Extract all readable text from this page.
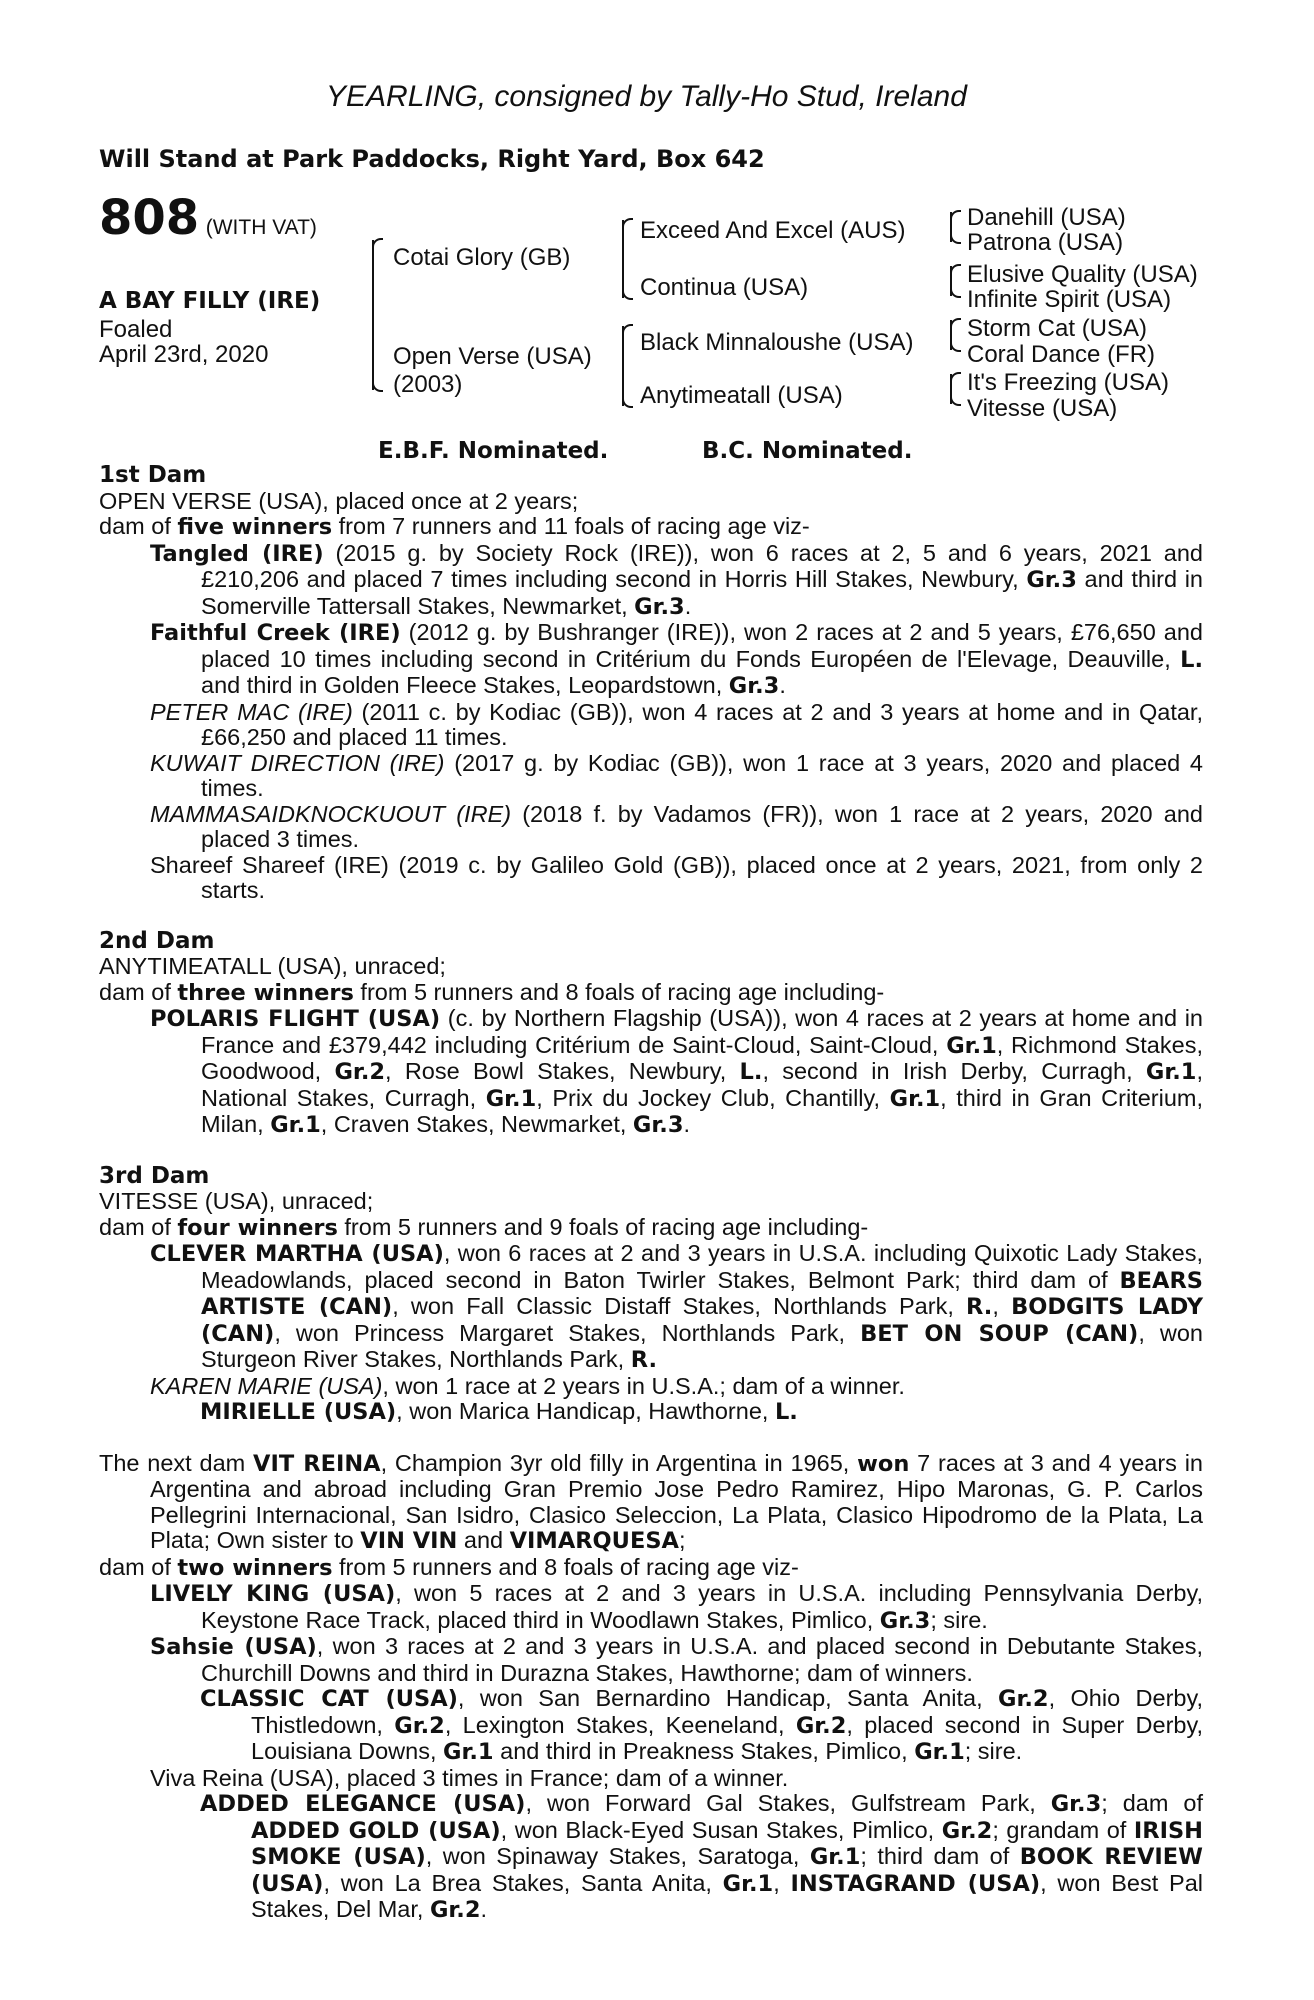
YEARLING, consigned by Tally-Ho Stud, Ireland
Will Stand at Park Paddocks, Right Yard, Box 642
808 (WITH VAT)
A BAY FILLY (IRE)
Foaled
April 23rd, 2020
Cotai Glory (GB)
Open Verse (USA)
(2003)
Exceed And Excel (AUS)
Continua (USA)
Black Minnaloushe (USA)
Anytimeatall (USA)
Danehill (USA)
Patrona (USA)
Elusive Quality (USA)
Infinite Spirit (USA)
Storm Cat (USA)
Coral Dance (FR)
It's Freezing (USA)
Vitesse (USA)
E.B.F. Nominated.	B.C. Nominated.
1st Dam
OPEN VERSE (USA), placed once at 2 years;
dam of five winners from 7 runners and 11 foals of racing age viz-
Tangled (IRE) (2015 g. by Society Rock (IRE)), won 6 races at 2, 5 and 6 years, 2021 and £210,206 and placed 7 times including second in Horris Hill Stakes, Newbury, Gr.3 and third in Somerville Tattersall Stakes, Newmarket, Gr.3.
Faithful Creek (IRE) (2012 g. by Bushranger (IRE)), won 2 races at 2 and 5 years, £76,650 and placed 10 times including second in Critérium du Fonds Européen de l'Elevage, Deauville, L. and third in Golden Fleece Stakes, Leopardstown, Gr.3.
PETER MAC (IRE) (2011 c. by Kodiac (GB)), won 4 races at 2 and 3 years at home and in Qatar, £66,250 and placed 11 times.
KUWAIT DIRECTION (IRE) (2017 g. by Kodiac (GB)), won 1 race at 3 years, 2020 and placed 4 times.
MAMMASAIDKNOCKUOUT (IRE) (2018 f. by Vadamos (FR)), won 1 race at 2 years, 2020 and placed 3 times.
Shareef Shareef (IRE) (2019 c. by Galileo Gold (GB)), placed once at 2 years, 2021, from only 2 starts.
2nd Dam
ANYTIMEATALL (USA), unraced;
dam of three winners from 5 runners and 8 foals of racing age including-
POLARIS FLIGHT (USA) (c. by Northern Flagship (USA)), won 4 races at 2 years at home and in France and £379,442 including Critérium de Saint-Cloud, Saint-Cloud, Gr.1, Richmond Stakes, Goodwood, Gr.2, Rose Bowl Stakes, Newbury, L., second in Irish Derby, Curragh, Gr.1, National Stakes, Curragh, Gr.1, Prix du Jockey Club, Chantilly, Gr.1, third in Gran Criterium, Milan, Gr.1, Craven Stakes, Newmarket, Gr.3.
3rd Dam
VITESSE (USA), unraced;
dam of four winners from 5 runners and 9 foals of racing age including-
CLEVER MARTHA (USA), won 6 races at 2 and 3 years in U.S.A. including Quixotic Lady Stakes, Meadowlands, placed second in Baton Twirler Stakes, Belmont Park; third dam of BEARS ARTISTE (CAN), won Fall Classic Distaff Stakes, Northlands Park, R., BODGITS LADY (CAN), won Princess Margaret Stakes, Northlands Park, BET ON SOUP (CAN), won Sturgeon River Stakes, Northlands Park, R.
KAREN MARIE (USA), won 1 race at 2 years in U.S.A.; dam of a winner.
MIRIELLE (USA), won Marica Handicap, Hawthorne, L.
The next dam VIT REINA, Champion 3yr old filly in Argentina in 1965, won 7 races at 3 and 4 years in Argentina and abroad including Gran Premio Jose Pedro Ramirez, Hipo Maronas, G. P. Carlos Pellegrini Internacional, San Isidro, Clasico Seleccion, La Plata, Clasico Hipodromo de la Plata, La Plata; Own sister to VIN VIN and VIMARQUESA;
dam of two winners from 5 runners and 8 foals of racing age viz-
LIVELY KING (USA), won 5 races at 2 and 3 years in U.S.A. including Pennsylvania Derby, Keystone Race Track, placed third in Woodlawn Stakes, Pimlico, Gr.3; sire.
Sahsie (USA), won 3 races at 2 and 3 years in U.S.A. and placed second in Debutante Stakes, Churchill Downs and third in Durazna Stakes, Hawthorne; dam of winners.
CLASSIC CAT (USA), won San Bernardino Handicap, Santa Anita, Gr.2, Ohio Derby, Thistledown, Gr.2, Lexington Stakes, Keeneland, Gr.2, placed second in Super Derby, Louisiana Downs, Gr.1 and third in Preakness Stakes, Pimlico, Gr.1; sire.
Viva Reina (USA), placed 3 times in France; dam of a winner.
ADDED ELEGANCE (USA), won Forward Gal Stakes, Gulfstream Park, Gr.3; dam of ADDED GOLD (USA), won Black-Eyed Susan Stakes, Pimlico, Gr.2; grandam of IRISH SMOKE (USA), won Spinaway Stakes, Saratoga, Gr.1; third dam of BOOK REVIEW (USA), won La Brea Stakes, Santa Anita, Gr.1, INSTAGRAND (USA), won Best Pal Stakes, Del Mar, Gr.2.
